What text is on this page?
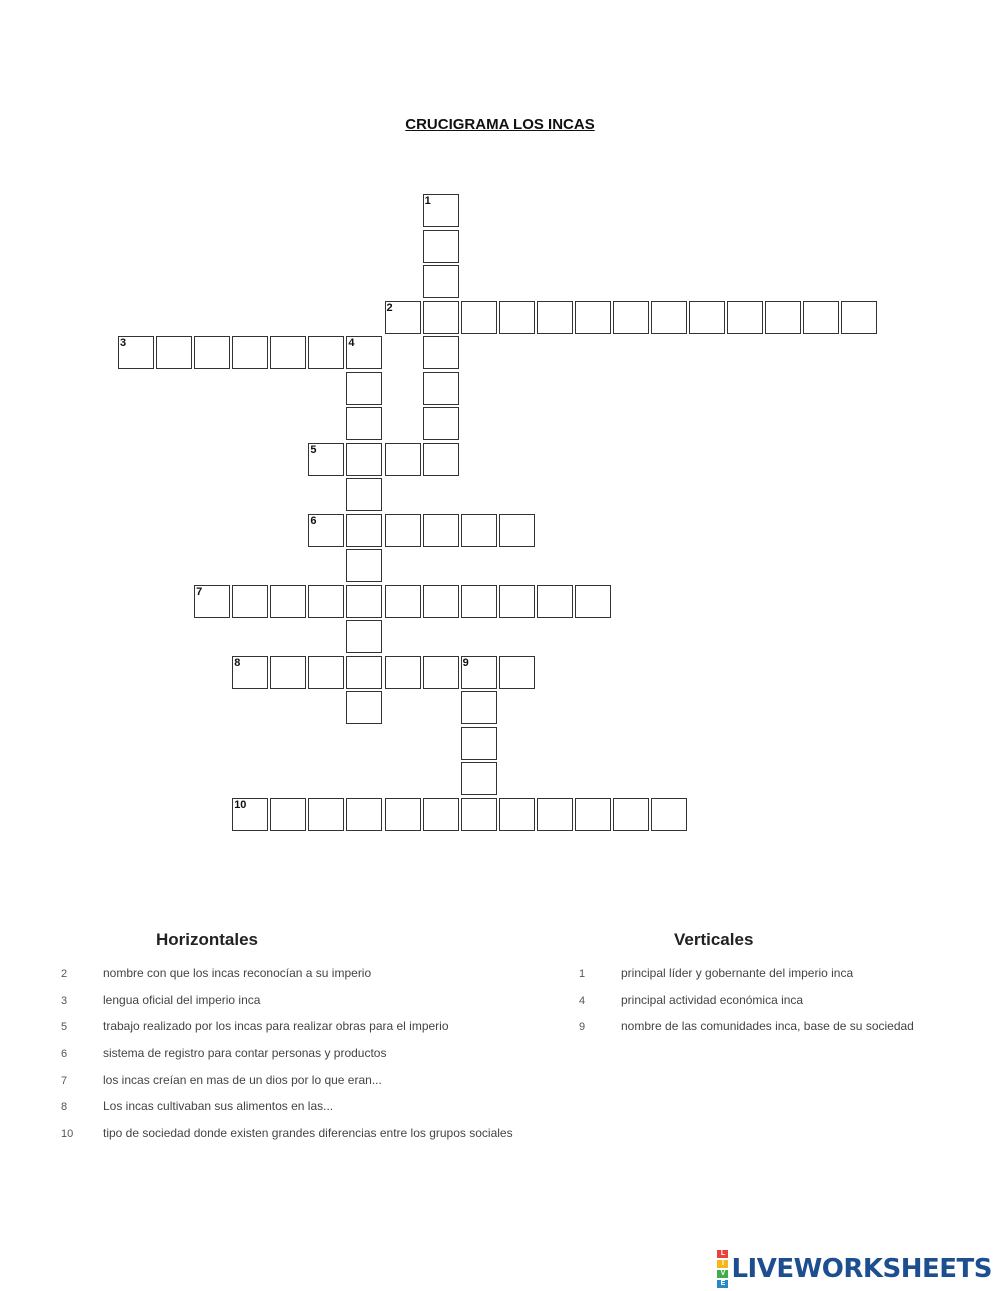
CRUCIGRAMA LOS INCAS
1
2
3	4
5
6
7
8	9
10
Horizontales
2	nombre con que los incas reconocían a su imperio
3	lengua oficial del imperio inca
5	trabajo realizado por los incas para realizar obras para el imperio
6	sistema de registro para contar personas y productos
7	los incas creían en mas de un dios por lo que eran...
8	Los incas cultivaban sus alimentos en las...
10 tipo de sociedad donde existen grandes diferencias entre los grupos sociales
Verticales
1	principal líder y gobernante del imperio inca
4	principal actividad económica inca
9	nombre de las comunidades inca, base de su sociedad
L
I
V
E LIVEWORKSHEETS
